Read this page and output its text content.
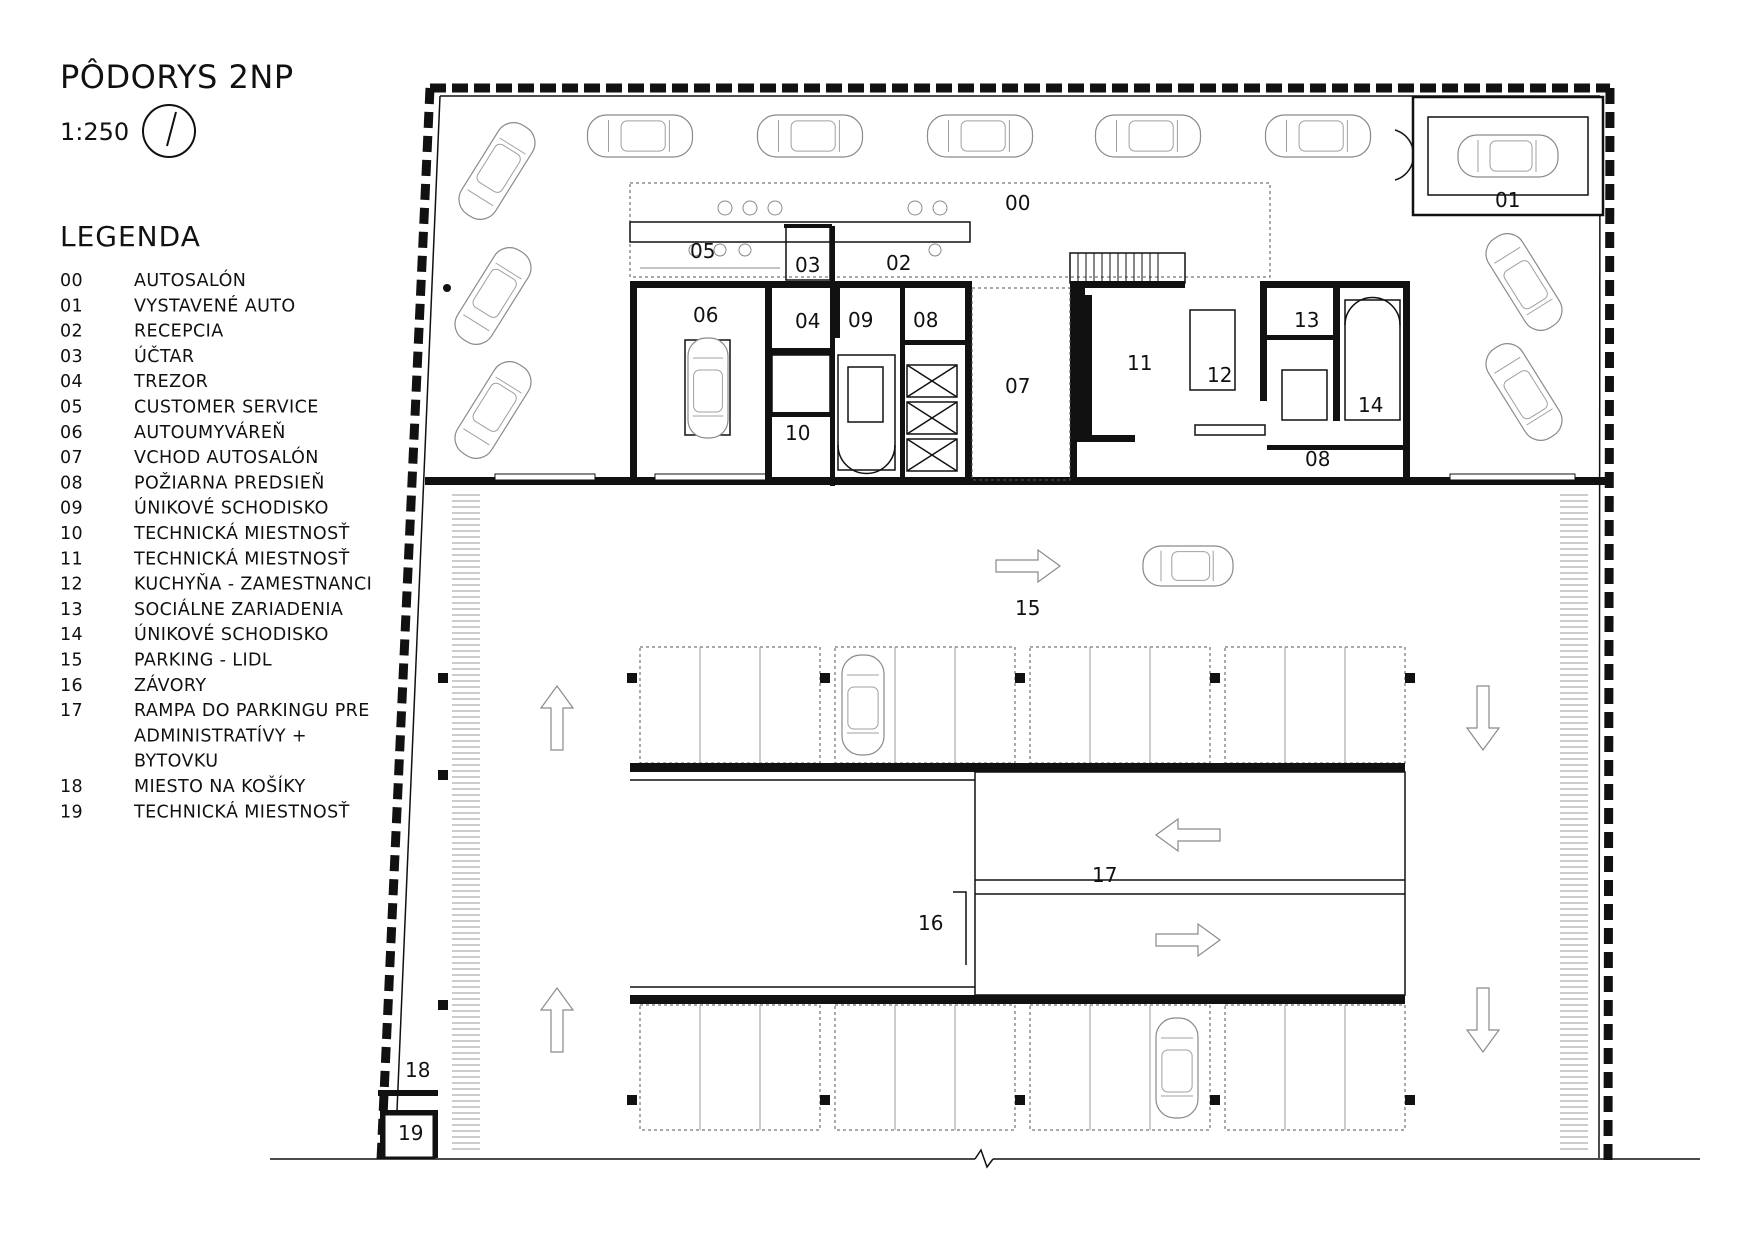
PÔDORYS 2NP
1:250
LEGENDA
00	AUTOSALÓN
01	VYSTAVENÉ AUTO
02	RECEPCIA
03	ÚČTAR
04	TREZOR
05	CUSTOMER SERVICE
06	AUTOUMYVÁREŇ
07	VCHOD AUTOSALÓN
08	POŽIARNA PREDSIEŇ
09	ÚNIKOVÉ SCHODISKO
10	TECHNICKÁ MIESTNOSŤ
11	TECHNICKÁ MIESTNOSŤ
12	KUCHYŇA - ZAMESTNANCI
13	SOCIÁLNE ZARIADENIA
14	ÚNIKOVÉ SCHODISKO
15	PARKING - LIDL
16	ZÁVORY
17	RAMPA DO PARKINGU PRE
ADMINISTRATÍVY +
BYTOVKU
18	MIESTO NA KOŠÍKY
19	TECHNICKÁ MIESTNOSŤ
00	01
02
03
04
05
06
07
08
08
09
10
11	12
13
14
15
16
17
18
19
